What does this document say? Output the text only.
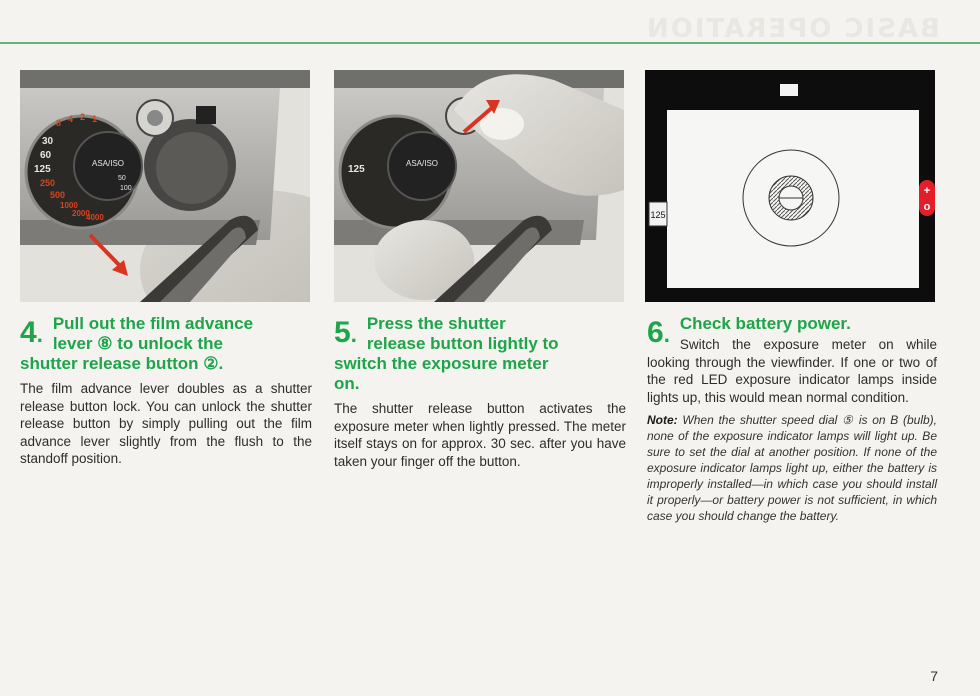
BASIC OPERATION
ASA/ISO
50
100
8 4 2 1
30
60
125
250
500
1000
2000
4000
125
ASA/ISO
125
+
o
4. Pull out the film advance
lever ⑧ to unlock the
shutter release button ②.

The film advance lever doubles as a shutter release button lock. You can unlock the shutter release button by simply pulling out the film advance lever slightly from the flush to the standoff position.

5. Press the shutter
release button lightly to
switch the exposure meter
on.

The shutter release button activates the exposure meter when lightly pressed. The meter itself stays on for approx. 30 sec. after you have taken your finger off the button.

6. Check battery power.

Switch the exposure meter on while looking through the viewfinder. If one or two of the red LED exposure indicator lamps inside lights up, this would mean normal condition.

Note: When the shutter speed dial ⑤ is on B (bulb), none of the exposure indicator lamps will light up. Be sure to set the dial at another position. If none of the exposure indicator lamps light up, either the battery is improperly installed—in which case you should install it properly—or battery power is not sufficient, in which case you should change the battery.

7
